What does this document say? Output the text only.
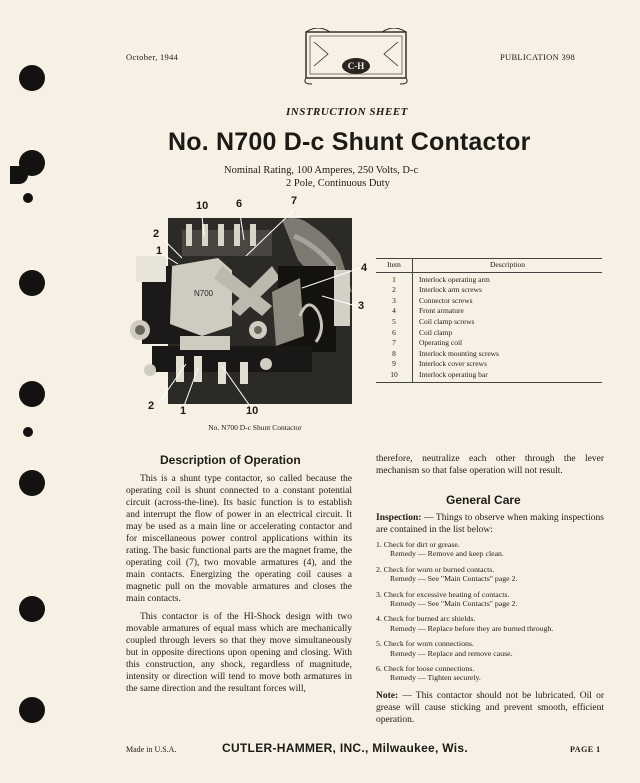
October, 1944	PUBLICATION 398
C-H
INSTRUCTION SHEET
No. N700 D-c Shunt Contactor
Nominal Rating, 100 Amperes, 250 Volts, D-c
2 Pole, Continuous Duty
N700
10	6	7
2
1
4
3
2 1	10
No. N700 D-c Shunt Contactor
Item	Description
1	Interlock operating arm
2	Interlock arm screws
3	Connector screws
4	Front armature
5	Coil clamp screws
6	Coil clamp
7	Operating coil
8	Interlock mounting screws
9	Interlock cover screws
10	Interlock operating bar
Description of Operation

This is a shunt type contactor, so called because the operating coil is shunt connected to a constant potential circuit (across-the-line). Its basic function is to establish and interrupt the flow of power in an electrical circuit. It may be used as a main line or accelerating contactor and for miscellaneous power control applications within its rating. The basic functional parts are the magnet frame, the operating coil (7), two movable armatures (4), and the main contacts. Energizing the operating coil causes a magnetic pull on the movable armatures and closes the main contacts.

This contactor is of the HI-Shock design with two movable armatures of equal mass which are mechanically coupled through levers so that they move simultaneously but in opposite directions upon opening and closing. With this construction, any shock, regardless of magnitude, intensity or direction will tend to move both armatures in the same direction and the resultant forces will,

therefore, neutralize each other through the lever mechanism so that false operation will not result.

General Care
Inspection: — Things to observe when making inspections are contained in the list below:
1. Check for dirt or grease.
Remedy — Remove and keep clean.
2. Check for worn or burned contacts.
Remedy — See "Main Contacts" page 2.
3. Check for excessive heating of contacts.
Remedy — See "Main Contacts" page 2.
4. Check for burned arc shields.
Remedy — Replace before they are burned through.
5. Check for worn connections.
Remedy — Replace and remove cause.
6. Check for loose connections.
Remedy — Tighten securely.
Note: — This contactor should not be lubricated. Oil or grease will cause sticking and prevent smooth, efficient operation.
Made in U.S.A.	CUTLER-HAMMER, INC., Milwaukee, Wis.	PAGE 1
